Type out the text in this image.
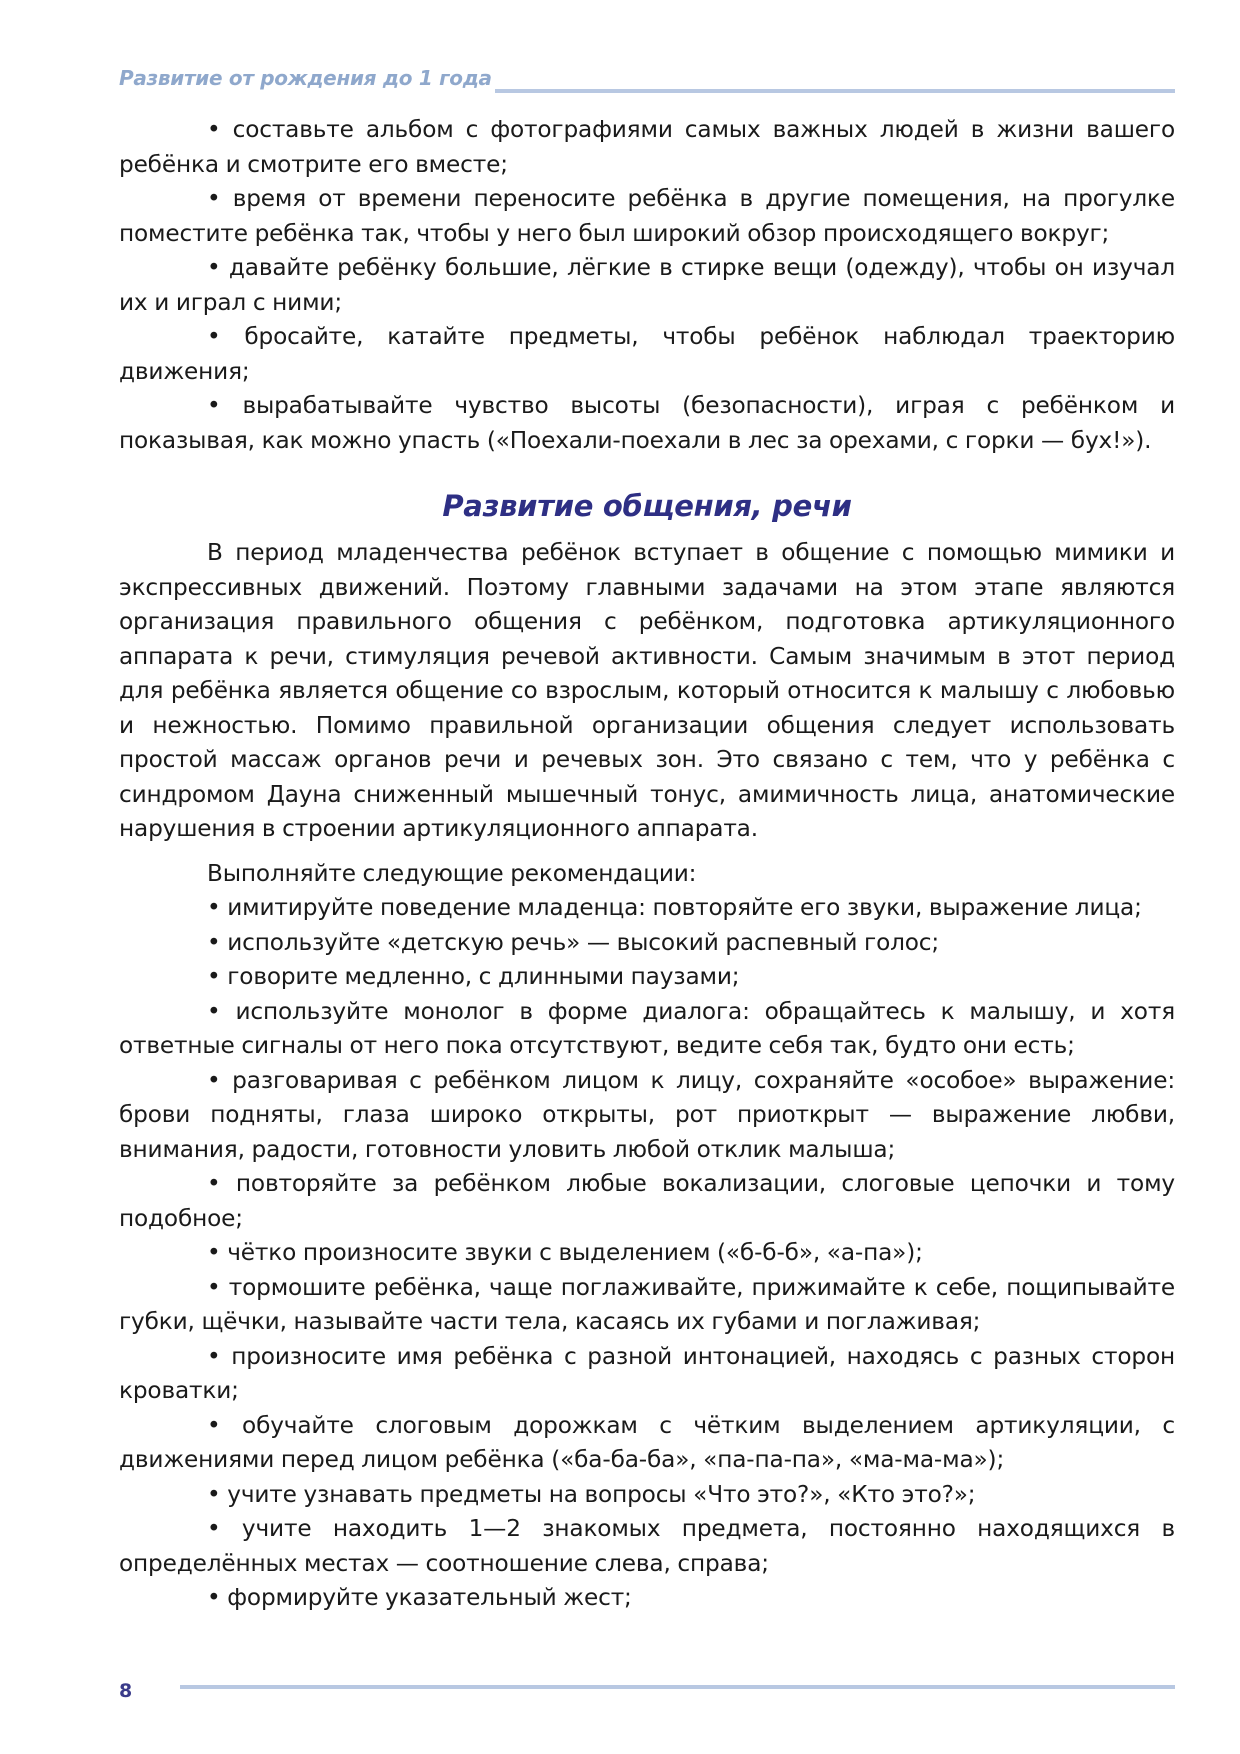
Развитие от рождения до 1 года

• составьте альбом с фотографиями самых важных людей в жизни вашего ребёнка и смотрите его вместе;

• время от времени переносите ребёнка в другие помещения, на прогулке поместите ребёнка так, чтобы у него был широкий обзор происходящего вокруг;

• давайте ребёнку большие, лёгкие в стирке вещи (одежду), чтобы он изучал их и играл с ними;

• бросайте, катайте предметы, чтобы ребёнок наблюдал траекторию движения;

• вырабатывайте чувство высоты (безопасности), играя с ребёнком и показывая, как можно упасть («Поехали-поехали в лес за орехами, с горки — бух!»).

Развитие общения, речи

В период младенчества ребёнок вступает в общение с помощью мимики и экспрессивных движений. Поэтому главными задачами на этом этапе являются организация правильного общения с ребёнком, подготовка артикуляционного аппарата к речи, стимуляция речевой активности. Самым значимым в этот период для ребёнка является общение со взрослым, который относится к малышу с любовью и нежностью. Помимо правильной организации общения следует использовать простой массаж органов речи и речевых зон. Это связано с тем, что у ребёнка с синдромом Дауна сниженный мышечный тонус, амимичность лица, анатомические нарушения в строении артикуляционного аппарата.

Выполняйте следующие рекомендации:

• имитируйте поведение младенца: повторяйте его звуки, выражение лица;

• используйте «детскую речь» — высокий распевный голос;

• говорите медленно, с длинными паузами;

• используйте монолог в форме диалога: обращайтесь к малышу, и хотя ответные сигналы от него пока отсутствуют, ведите себя так, будто они есть;

• разговаривая с ребёнком лицом к лицу, сохраняйте «особое» выражение: брови подняты, глаза широко открыты, рот приоткрыт — выражение любви, внимания, радости, готовности уловить любой отклик малыша;

• повторяйте за ребёнком любые вокализации, слоговые цепочки и тому подобное;

• чётко произносите звуки с выделением («б-б-б», «а-па»);

• тормошите ребёнка, чаще поглаживайте, прижимайте к себе, пощипывайте губки, щёчки, называйте части тела, касаясь их губами и поглаживая;

• произносите имя ребёнка с разной интонацией, находясь с разных сторон кроватки;

• обучайте слоговым дорожкам с чётким выделением артикуляции, с движениями перед лицом ребёнка («ба-ба-ба», «па-па-па», «ма-ма-ма»);

• учите узнавать предметы на вопросы «Что это?», «Кто это?»;

• учите находить 1—2 знакомых предмета, постоянно находящихся в определённых местах — соотношение слева, справа;

• формируйте указательный жест;

8
